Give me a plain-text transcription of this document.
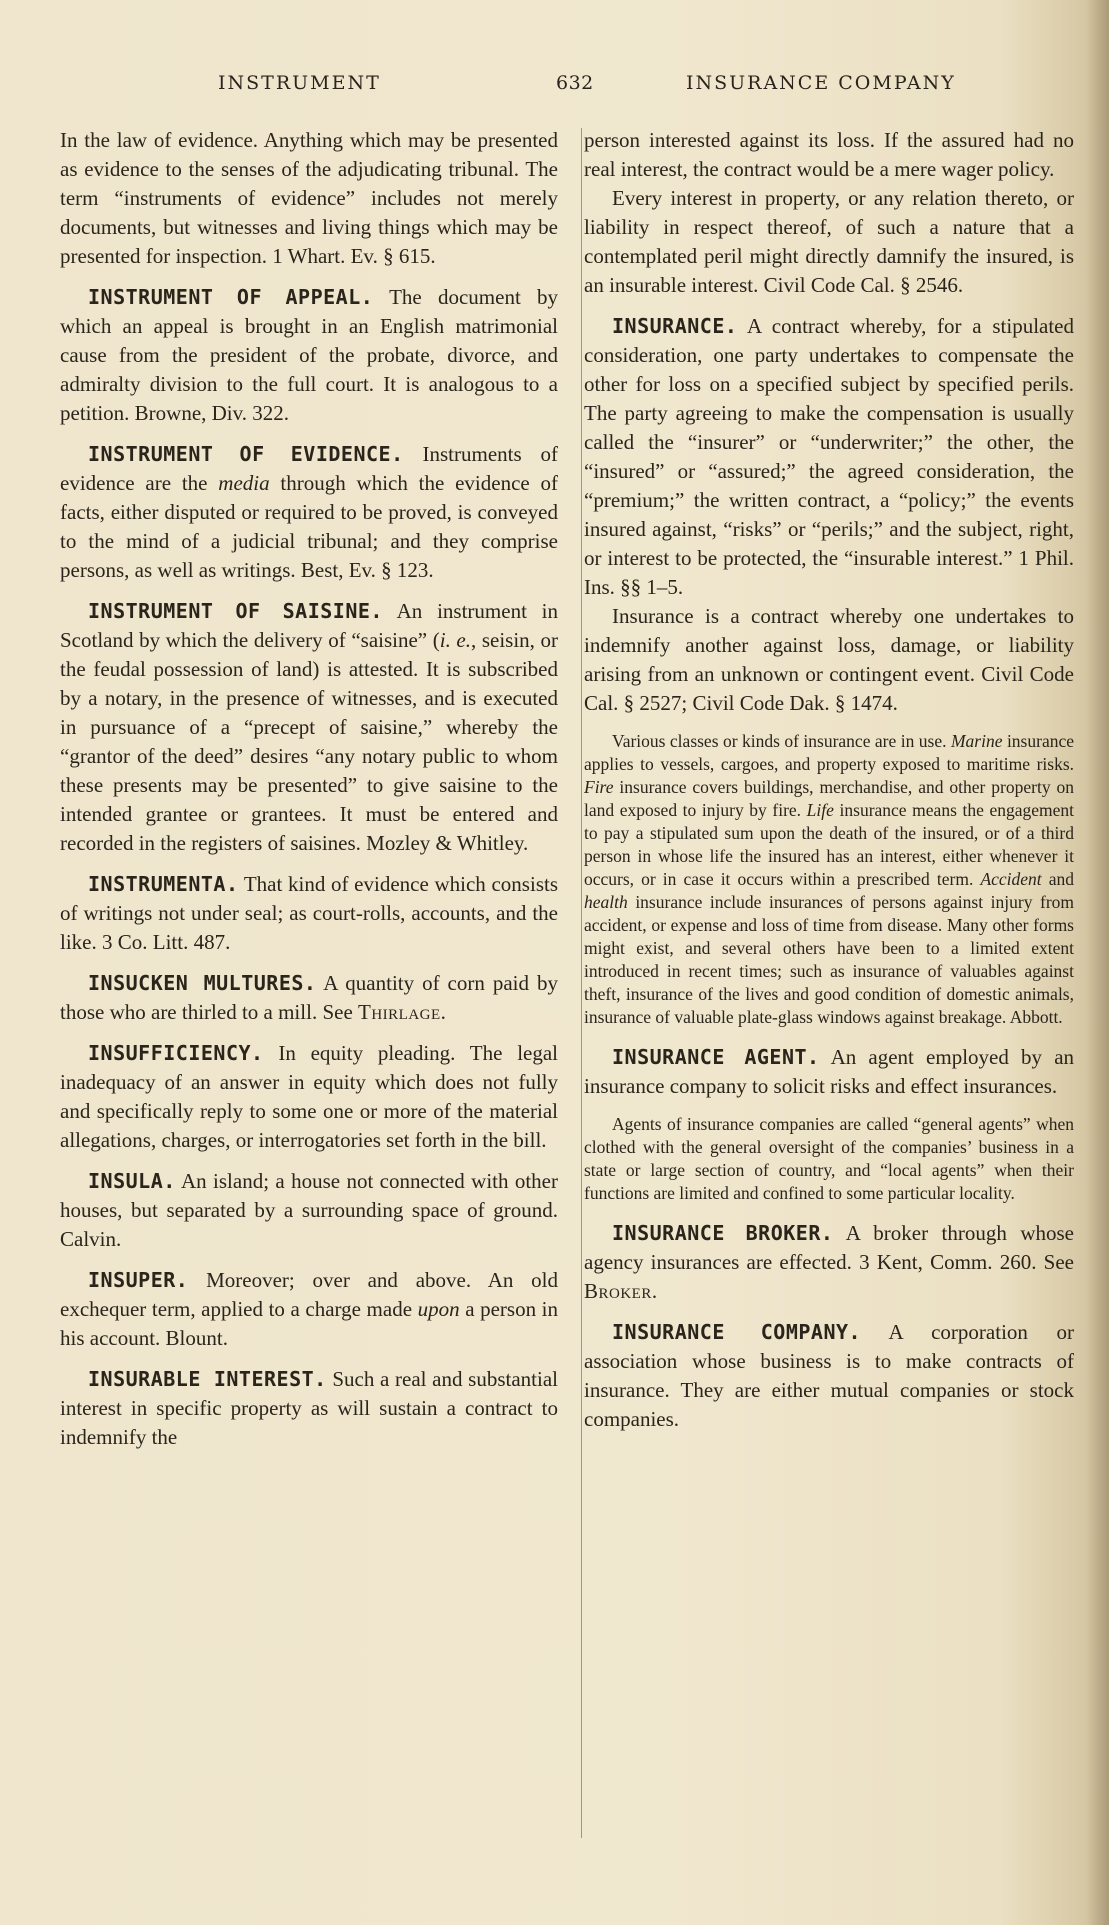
INSTRUMENT	632	INSURANCE COMPANY

In the law of evidence. Anything which may be presented as evidence to the senses of the adjudicating tribunal. The term “instruments of evidence” includes not merely documents, but witnesses and living things which may be presented for inspection. 1 Whart. Ev. § 615.

INSTRUMENT OF APPEAL. The document by which an appeal is brought in an English matrimonial cause from the president of the probate, divorce, and admiralty division to the full court. It is analogous to a petition. Browne, Div. 322.

INSTRUMENT OF EVIDENCE. Instruments of evidence are the media through which the evidence of facts, either disputed or required to be proved, is conveyed to the mind of a judicial tribunal; and they comprise persons, as well as writings. Best, Ev. § 123.

INSTRUMENT OF SAISINE. An instrument in Scotland by which the delivery of “saisine” (i. e., seisin, or the feudal possession of land) is attested. It is subscribed by a notary, in the presence of witnesses, and is executed in pursuance of a “precept of saisine,” whereby the “grantor of the deed” desires “any notary public to whom these presents may be presented” to give saisine to the intended grantee or grantees. It must be entered and recorded in the registers of saisines. Mozley & Whitley.

INSTRUMENTA. That kind of evidence which consists of writings not under seal; as court-rolls, accounts, and the like. 3 Co. Litt. 487.

INSUCKEN MULTURES. A quantity of corn paid by those who are thirled to a mill. See Thirlage.

INSUFFICIENCY. In equity pleading. The legal inadequacy of an answer in equity which does not fully and specifically reply to some one or more of the material allegations, charges, or interrogatories set forth in the bill.

INSULA. An island; a house not connected with other houses, but separated by a surrounding space of ground. Calvin.

INSUPER. Moreover; over and above. An old exchequer term, applied to a charge made upon a person in his account. Blount.

INSURABLE INTEREST. Such a real and substantial interest in specific property as will sustain a contract to indemnify the

person interested against its loss. If the assured had no real interest, the contract would be a mere wager policy.

Every interest in property, or any relation thereto, or liability in respect thereof, of such a nature that a contemplated peril might directly damnify the insured, is an insurable interest. Civil Code Cal. § 2546.

INSURANCE. A contract whereby, for a stipulated consideration, one party undertakes to compensate the other for loss on a specified subject by specified perils. The party agreeing to make the compensation is usually called the “insurer” or “underwriter;” the other, the “insured” or “assured;” the agreed consideration, the “premium;” the written contract, a “policy;” the events insured against, “risks” or “perils;” and the subject, right, or interest to be protected, the “insurable interest.” 1 Phil. Ins. §§ 1–5.

Insurance is a contract whereby one undertakes to indemnify another against loss, damage, or liability arising from an unknown or contingent event. Civil Code Cal. § 2527; Civil Code Dak. § 1474.

Various classes or kinds of insurance are in use. Marine insurance applies to vessels, cargoes, and property exposed to maritime risks. Fire insurance covers buildings, merchandise, and other property on land exposed to injury by fire. Life insurance means the engagement to pay a stipulated sum upon the death of the insured, or of a third person in whose life the insured has an interest, either whenever it occurs, or in case it occurs within a prescribed term. Accident and health insurance include insurances of persons against injury from accident, or expense and loss of time from disease. Many other forms might exist, and several others have been to a limited extent introduced in recent times; such as insurance of valuables against theft, insurance of the lives and good condition of domestic animals, insurance of valuable plate-glass windows against breakage. Abbott.

INSURANCE AGENT. An agent employed by an insurance company to solicit risks and effect insurances.

Agents of insurance companies are called “general agents” when clothed with the general oversight of the companies’ business in a state or large section of country, and “local agents” when their functions are limited and confined to some particular locality.

INSURANCE BROKER. A broker through whose agency insurances are effected. 3 Kent, Comm. 260. See Broker.

INSURANCE COMPANY. A corporation or association whose business is to make contracts of insurance. They are either mutual companies or stock companies.
